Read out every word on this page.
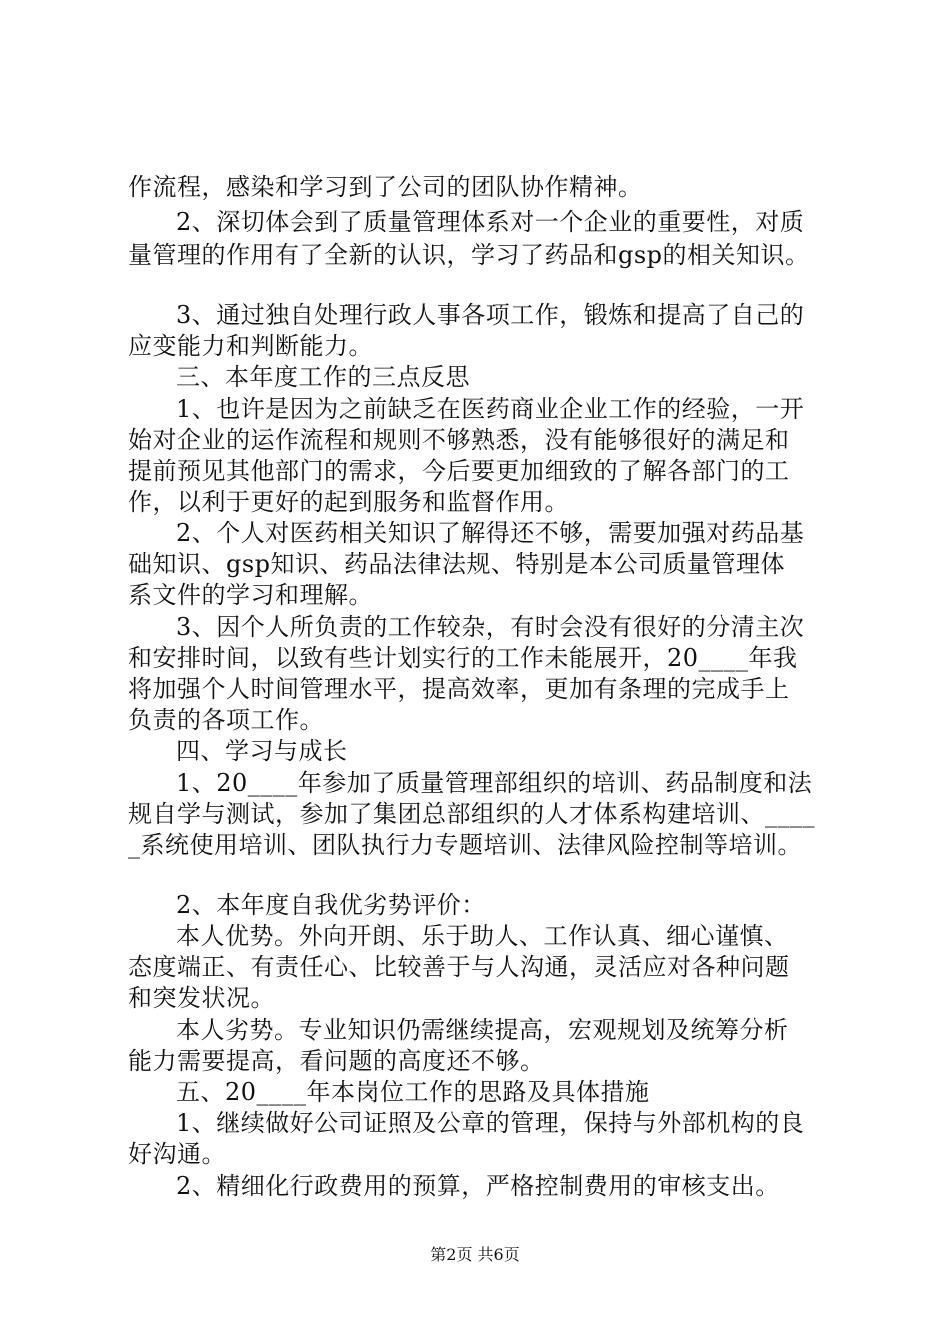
作流程，感染和学习到了公司的团队协作精神。
2、深切体会到了质量管理体系对一个企业的重要性，对质
量管理的作用有了全新的认识，学习了药品和gsp的相关知识。
3、通过独自处理行政人事各项工作，锻炼和提高了自己的
应变能力和判断能力。
三、本年度工作的三点反思
1、也许是因为之前缺乏在医药商业企业工作的经验，一开
始对企业的运作流程和规则不够熟悉，没有能够很好的满足和
提前预见其他部门的需求，今后要更加细致的了解各部门的工
作，以利于更好的起到服务和监督作用。
2、个人对医药相关知识了解得还不够，需要加强对药品基
础知识、gsp知识、药品法律法规、特别是本公司质量管理体
系文件的学习和理解。
3、因个人所负责的工作较杂，有时会没有很好的分清主次
和安排时间，以致有些计划实行的工作未能展开，20____年我
将加强个人时间管理水平，提高效率，更加有条理的完成手上
负责的各项工作。
四、学习与成长
1、20____年参加了质量管理部组织的培训、药品制度和法
规自学与测试，参加了集团总部组织的人才体系构建培训、____
_系统使用培训、团队执行力专题培训、法律风险控制等培训。
2、本年度自我优劣势评价：
本人优势。外向开朗、乐于助人、工作认真、细心谨慎、
态度端正、有责任心、比较善于与人沟通，灵活应对各种问题
和突发状况。
本人劣势。专业知识仍需继续提高，宏观规划及统筹分析
能力需要提高，看问题的高度还不够。
五、20____年本岗位工作的思路及具体措施
1、继续做好公司证照及公章的管理，保持与外部机构的良
好沟通。
2、精细化行政费用的预算，严格控制费用的审核支出。
第2页 共6页
